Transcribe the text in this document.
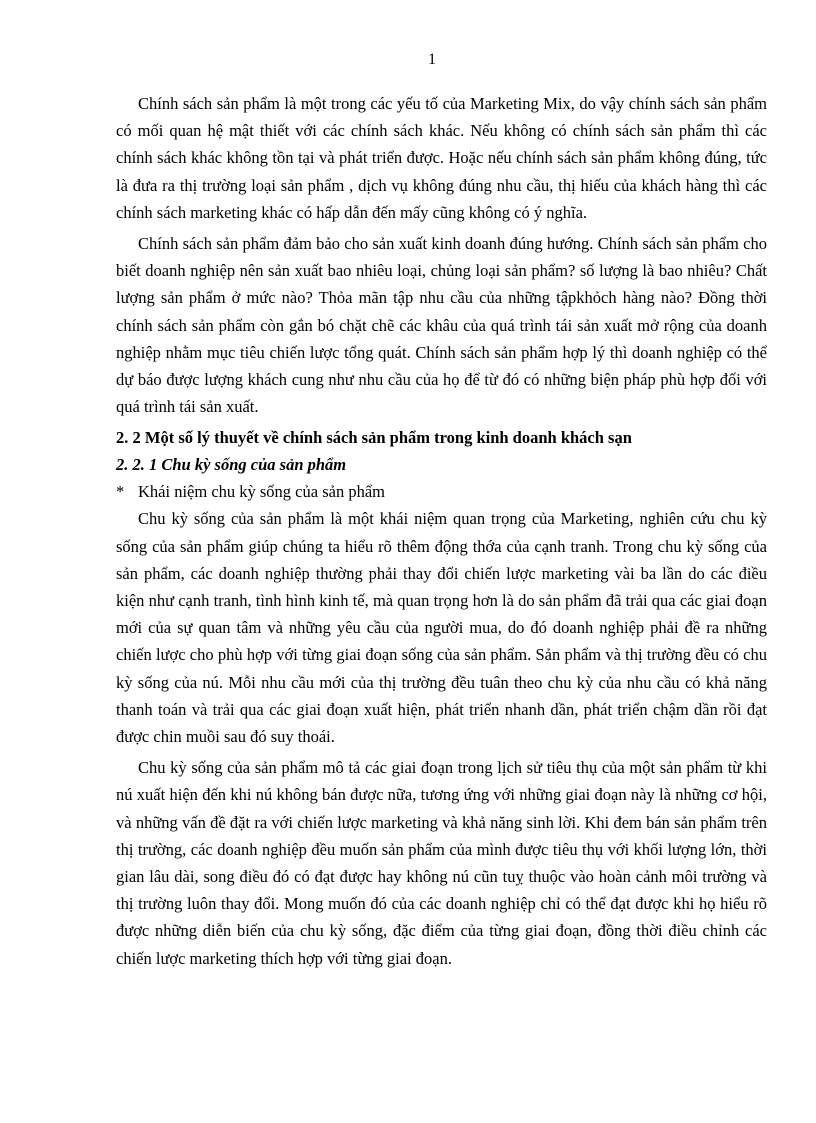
1

Chính sách sản phẩm là một trong các yếu tố của Marketing Mix, do vậy chính sách sản phẩm có mối quan hệ mật thiết với các chính sách khác. Nếu không có chính sách sản phẩm thì các chính sách khác không tồn tại và phát triển được. Hoặc nếu chính sách sản phẩm không đúng, tức là đưa ra thị trường loại sản phẩm , dịch vụ không đúng nhu cầu, thị hiếu của khách hàng thì các chính sách marketing khác có hấp dẫn đến mấy cũng không có ý nghĩa.

Chính sách sản phẩm đảm bảo cho sản xuất kinh doanh đúng hướng. Chính sách sản phẩm cho biết doanh nghiệp nên sản xuất bao nhiêu loại, chủng loại sản phẩm? số lượng là bao nhiêu? Chất lượng sản phẩm ở mức nào? Thỏa mãn tập nhu cầu của những tậpkhỏch hàng nào? Đồng thời chính sách sản phẩm còn gắn bó chặt chẽ các khâu của quá trình tái sản xuất mở rộng của doanh nghiệp nhằm mục tiêu chiến lược tổng quát. Chính sách sản phẩm hợp lý thì doanh nghiệp có thể dự báo được lượng khách cung như nhu cầu của họ để từ đó có những biện pháp phù hợp đối với quá trình tái sản xuất.

2. 2 Một số lý thuyết về chính sách sản phẩm trong kinh doanh khách sạn

2. 2. 1 Chu kỳ sống của sản phẩm

* Khái niệm chu kỳ sống của sản phẩm

Chu kỳ sống của sản phẩm là một khái niệm quan trọng của Marketing, nghiên cứu chu kỳ sống của sản phẩm giúp chúng ta hiểu rõ thêm động thớa của cạnh tranh. Trong chu kỳ sống của sản phẩm, các doanh nghiệp thường phải thay đổi chiến lược marketing vài ba lần do các điều kiện như cạnh tranh, tình hình kinh tế, mà quan trọng hơn là do sản phẩm đã trải qua các giai đoạn mới của sự quan tâm và những yêu cầu của người mua, do đó doanh nghiệp phải đề ra những chiến lược cho phù hợp với từng giai đoạn sống của sản phẩm. Sản phẩm và thị trường đều có chu kỳ sống của nú. Mỗi nhu cầu mới của thị trường đều tuân theo chu kỳ của nhu cầu có khả năng thanh toán và trải qua các giai đoạn xuất hiện, phát triển nhanh dần, phát triển chậm dần rồi đạt được chin muồi sau đó suy thoái.

Chu kỳ sống của sản phẩm mô tả các giai đoạn trong lịch sử tiêu thụ của một sản phẩm từ khi nú xuất hiện đến khi nú không bán được nữa, tương ứng với những giai đoạn này là những cơ hội, và những vấn đề đặt ra với chiến lược marketing và khả năng sinh lời. Khi đem bán sản phẩm trên thị trường, các doanh nghiệp đều muốn sản phẩm của mình được tiêu thụ với khối lượng lớn, thời gian lâu dài, song điều đó có đạt được hay không nú cũn tuỵ thuộc vào hoàn cảnh môi trường và thị trường luôn thay đổi. Mong muốn đó của các doanh nghiệp chỉ có thể đạt được khi họ hiểu rõ được những diễn biến của chu kỳ sống, đặc điểm của từng giai đoạn, đồng thời điều chỉnh các chiến lược marketing thích hợp với từng giai đoạn.
